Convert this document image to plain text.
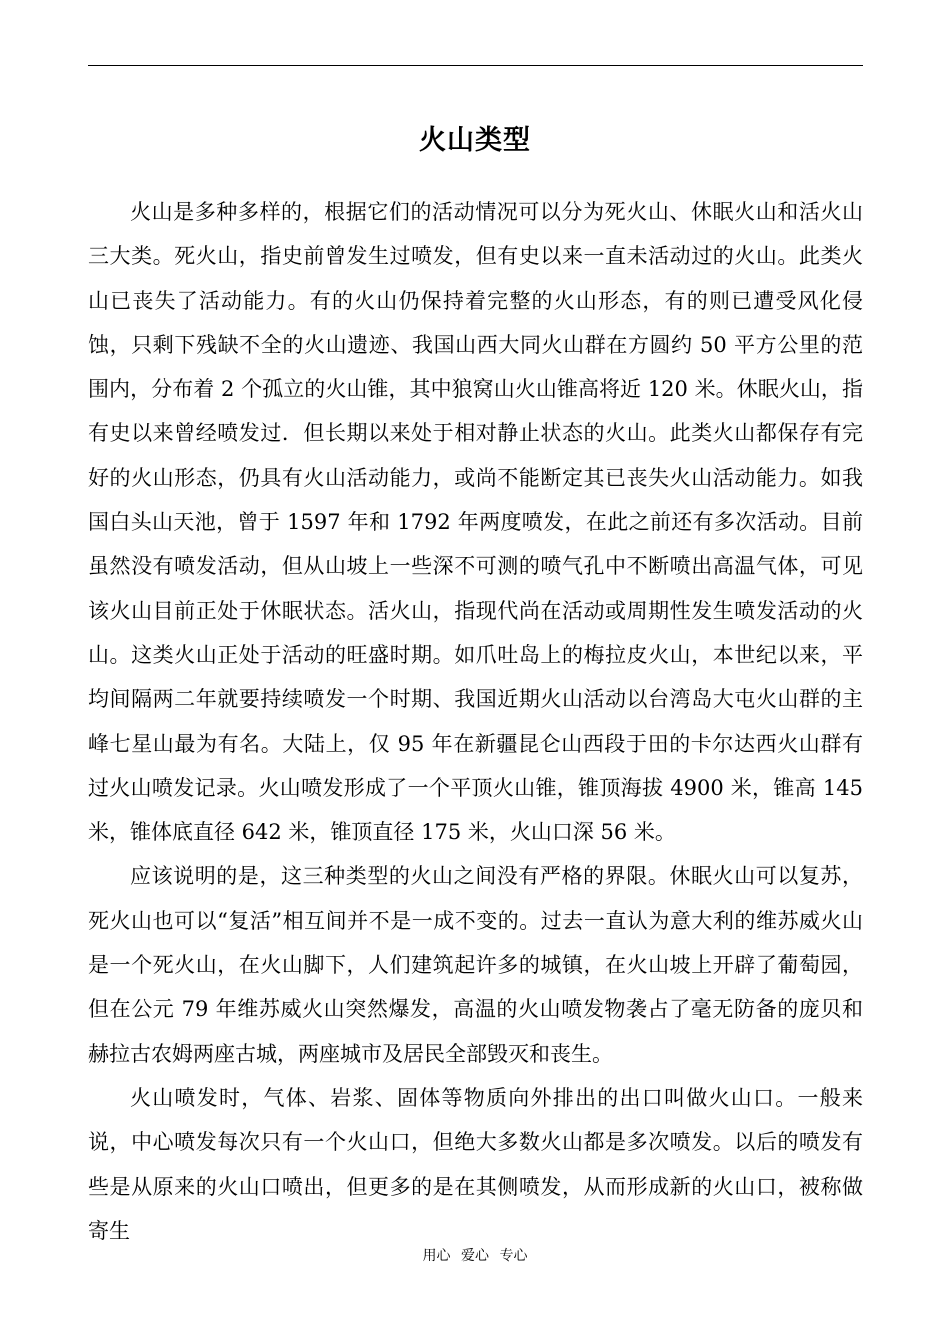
火山类型

火山是多种多样的，根据它们的活动情况可以分为死火山、休眠火山和活火山三大类。死火山，指史前曾发生过喷发，但有史以来一直未活动过的火山。此类火山已丧失了活动能力。有的火山仍保持着完整的火山形态，有的则已遭受风化侵蚀，只剩下残缺不全的火山遗迹、我国山西大同火山群在方圆约 50 平方公里的范围内，分布着 2 个孤立的火山锥，其中狼窝山火山锥高将近 120 米。休眠火山，指有史以来曾经喷发过．但长期以来处于相对静止状态的火山。此类火山都保存有完好的火山形态，仍具有火山活动能力，或尚不能断定其已丧失火山活动能力。如我国白头山天池，曾于 1597 年和 1792 年两度喷发，在此之前还有多次活动。目前虽然没有喷发活动，但从山坡上一些深不可测的喷气孔中不断喷出高温气体，可见该火山目前正处于休眠状态。活火山，指现代尚在活动或周期性发生喷发活动的火山。这类火山正处于活动的旺盛时期。如爪吐岛上的梅拉皮火山，本世纪以来，平均间隔两二年就要持续喷发一个时期、我国近期火山活动以台湾岛大屯火山群的主峰七星山最为有名。大陆上，仅 95 年在新疆昆仑山西段于田的卡尔达西火山群有过火山喷发记录。火山喷发形成了一个平顶火山锥，锥顶海拔 4900 米，锥高 145 米，锥体底直径 642 米，锥顶直径 175 米，火山口深 56 米。

应该说明的是，这三种类型的火山之间没有严格的界限。休眠火山可以复苏，死火山也可以“复活”相互间并不是一成不变的。过去一直认为意大利的维苏威火山是一个死火山，在火山脚下，人们建筑起许多的城镇，在火山坡上开辟了葡萄园，但在公元 79 年维苏威火山突然爆发，高温的火山喷发物袭占了毫无防备的庞贝和赫拉古农姆两座古城，两座城市及居民全部毁灭和丧生。

火山喷发时，气体、岩浆、固体等物质向外排出的出口叫做火山口。一般来说，中心喷发每次只有一个火山口，但绝大多数火山都是多次喷发。以后的喷发有些是从原来的火山口喷出，但更多的是在其侧喷发，从而形成新的火山口，被称做寄生

用心 爱心 专心
